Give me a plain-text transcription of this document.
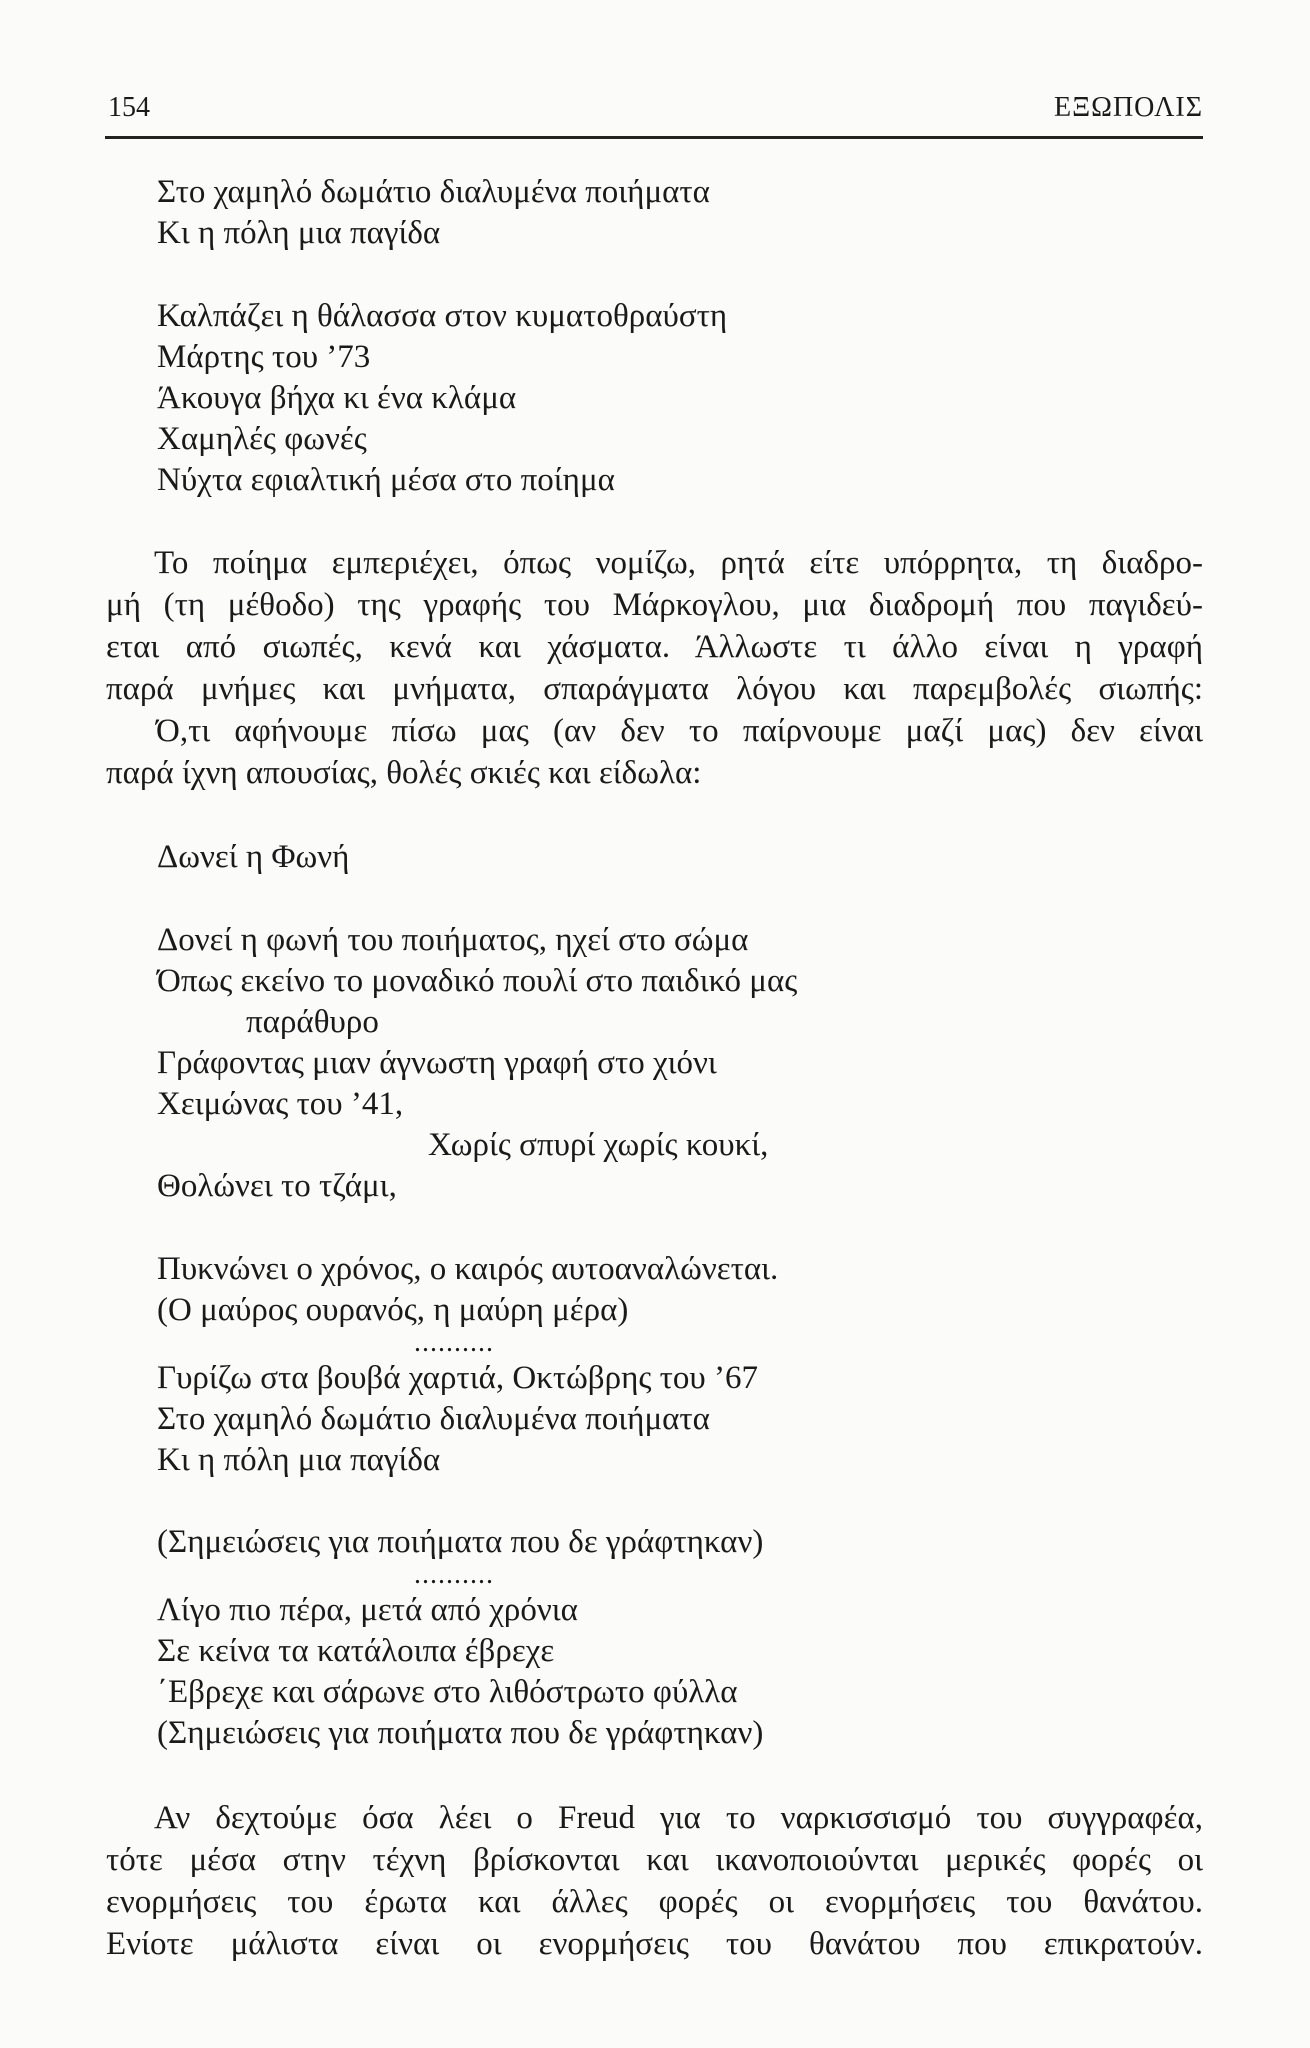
154	ΕΞΩΠΟΛΙΣ
Στο χαμηλό δωμάτιο διαλυμένα ποιήματα
Κι η πόλη μια παγίδα
Καλπάζει η θάλασσα στον κυματοθραύστη
Μάρτης του ’73
Άκουγα βήχα κι ένα κλάμα
Χαμηλές φωνές
Νύχτα εφιαλτική μέσα στο ποίημα
Το ποίημα εμπεριέχει, όπως νομίζω, ρητά είτε υπόρρητα, τη διαδρο-
μή (τη μέθοδο) της γραφής του Μάρκογλου, μια διαδρομή που παγιδεύ-
εται από σιωπές, κενά και χάσματα. Άλλωστε τι άλλο είναι η γραφή
παρά μνήμες και μνήματα, σπαράγματα λόγου και παρεμβολές σιωπής:
Ό,τι αφήνουμε πίσω μας (αν δεν το παίρνουμε μαζί μας) δεν είναι
παρά ίχνη απουσίας, θολές σκιές και είδωλα:
Δωνεί η Φωνή
Δονεί η φωνή του ποιήματος, ηχεί στο σώμα
Όπως εκείνο το μοναδικό πουλί στο παιδικό μας
παράθυρο
Γράφοντας μιαν άγνωστη γραφή στο χιόνι
Χειμώνας του ’41,
Χωρίς σπυρί χωρίς κουκί,
Θολώνει το τζάμι,
Πυκνώνει ο χρόνος, ο καιρός αυτοαναλώνεται.
(Ο μαύρος ουρανός, η μαύρη μέρα)
..........
Γυρίζω στα βουβά χαρτιά, Οκτώβρης του ’67
Στο χαμηλό δωμάτιο διαλυμένα ποιήματα
Κι η πόλη μια παγίδα
(Σημειώσεις για ποιήματα που δε γράφτηκαν)
..........
Λίγο πιο πέρα, μετά από χρόνια
Σε κείνα τα κατάλοιπα έβρεχε
΄Εβρεχε και σάρωνε στο λιθόστρωτο φύλλα
(Σημειώσεις για ποιήματα που δε γράφτηκαν)
Αν δεχτούμε όσα λέει ο Freud για το ναρκισσισμό του συγγραφέα,
τότε μέσα στην τέχνη βρίσκονται και ικανοποιούνται μερικές φορές οι
ενορμήσεις του έρωτα και άλλες φορές οι ενορμήσεις του θανάτου.
Ενίοτε μάλιστα είναι οι ενορμήσεις του θανάτου που επικρατούν.
